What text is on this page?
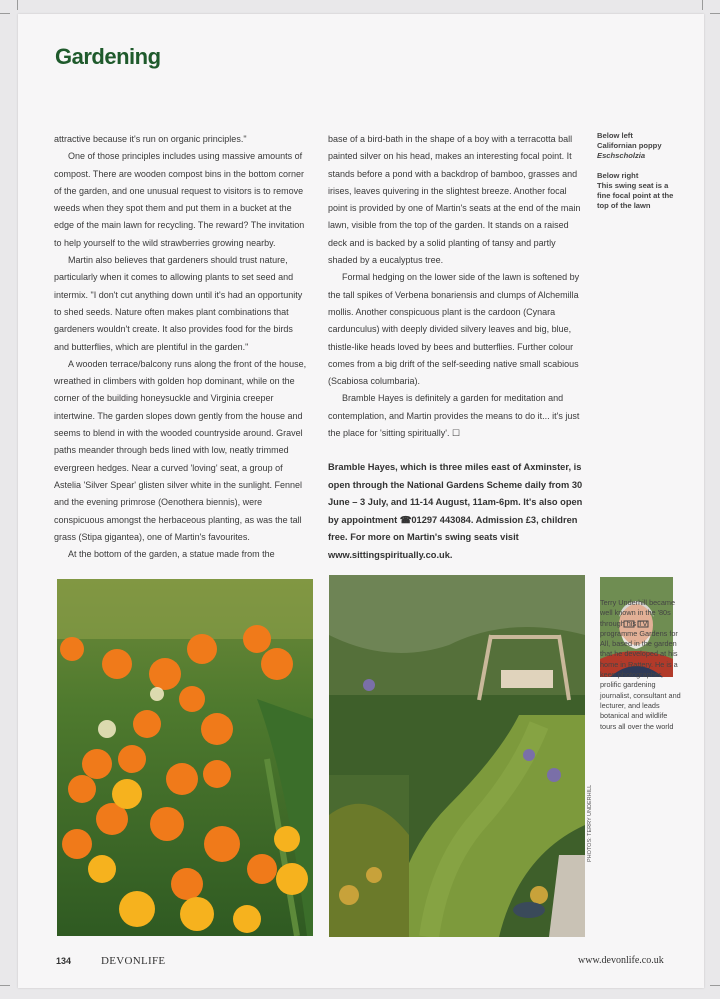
Gardening

attractive because it's run on organic principles."

One of those principles includes using massive amounts of compost. There are wooden compost bins in the bottom corner of the garden, and one unusual request to visitors is to remove weeds when they spot them and put them in a bucket at the edge of the main lawn for recycling. The reward? The invitation to help yourself to the wild strawberries growing nearby.

Martin also believes that gardeners should trust nature, particularly when it comes to allowing plants to set seed and intermix. "I don't cut anything down until it's had an opportunity to shed seeds. Nature often makes plant combinations that gardeners wouldn't create. It also provides food for the birds and butterflies, which are plentiful in the garden."

A wooden terrace/balcony runs along the front of the house, wreathed in climbers with golden hop dominant, while on the corner of the building honeysuckle and Virginia creeper intertwine. The garden slopes down gently from the house and seems to blend in with the wooded countryside around. Gravel paths meander through beds lined with low, neatly trimmed evergreen hedges. Near a curved 'loving' seat, a group of Astelia 'Silver Spear' glisten silver white in the sunlight. Fennel and the evening primrose (Oenothera biennis), were conspicuous amongst the herbaceous planting, as was the tall grass (Stipa gigantea), one of Martin's favourites.

At the bottom of the garden, a statue made from the

base of a bird-bath in the shape of a boy with a terracotta ball painted silver on his head, makes an interesting focal point. It stands before a pond with a backdrop of bamboo, grasses and irises, leaves quivering in the slightest breeze. Another focal point is provided by one of Martin's seats at the end of the main lawn, visible from the top of the garden. It stands on a raised deck and is backed by a solid planting of tansy and partly shaded by a eucalyptus tree.

Formal hedging on the lower side of the lawn is softened by the tall spikes of Verbena bonariensis and clumps of Alchemilla mollis. Another conspicuous plant is the cardoon (Cynara cardunculus) with deeply divided silvery leaves and big, blue, thistle-like heads loved by bees and butterflies. Further colour comes from a big drift of the self-seeding native small scabious (Scabiosa columbaria).

Bramble Hayes is definitely a garden for meditation and contemplation, and Martin provides the means to do it... it's just the place for 'sitting spiritually'. ☐

Bramble Hayes, which is three miles east of Axminster, is open through the National Gardens Scheme daily from 30 June – 3 July, and 11-14 August, 11am-6pm. It's also open by appointment ☎01297 443084. Admission £3, children free. For more on Martin's swing seats visit www.sittingspiritually.co.uk.

Below left
Californian poppy
Eschscholzia
Below right
This swing seat is a fine focal point at the top of the lawn
PHOTOS: TERRY UNDERHILL
Terry Underhill became well known in the '80s through his TV programme Gardens for All, based in the garden that he developed at his home in Rattery. He is a keen photographer, prolific gardening journalist, consultant and lecturer, and leads botanical and wildlife tours all over the world
134	DEVONLIFE	www.devonlife.co.uk
